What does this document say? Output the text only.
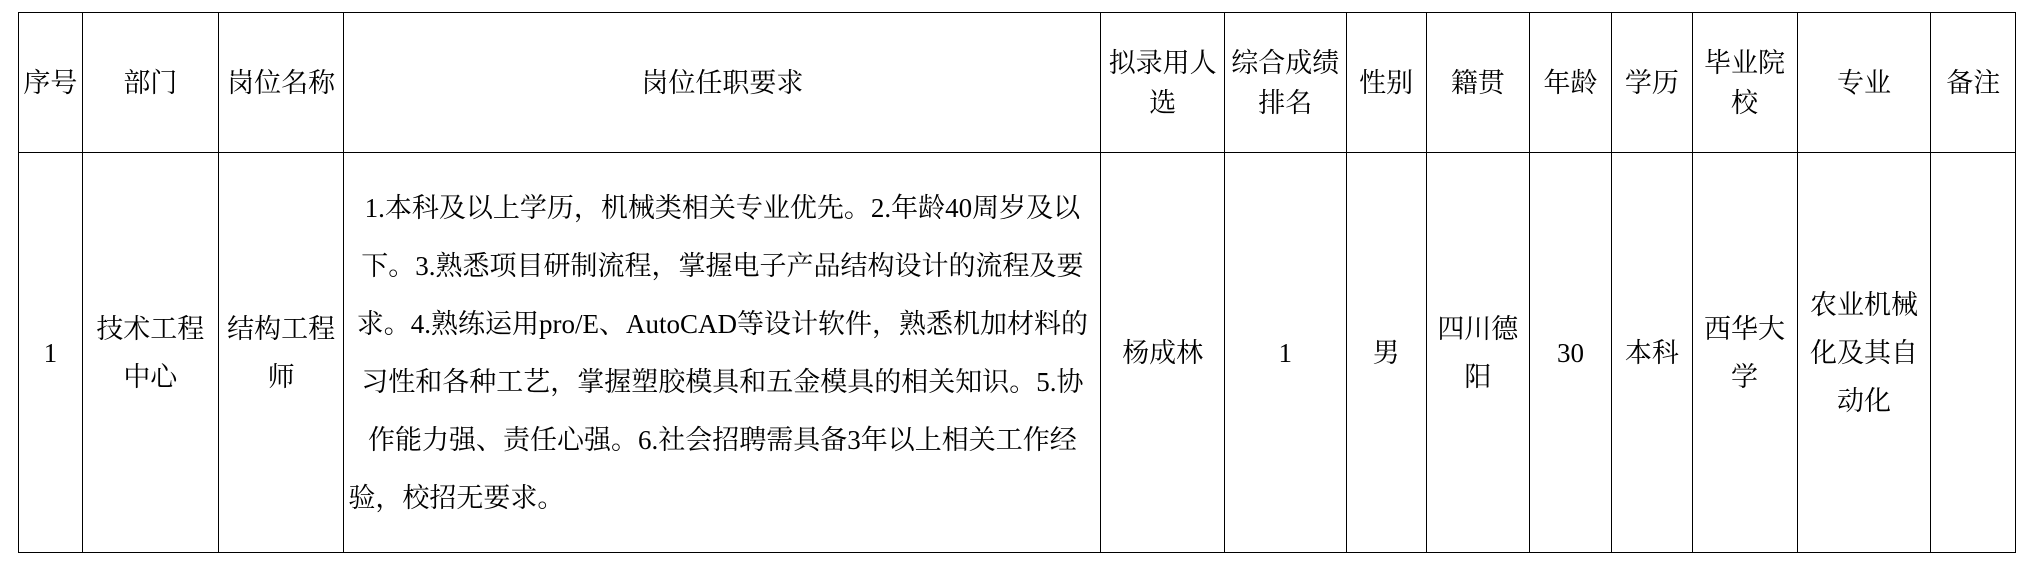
序号	部门	岗位名称	岗位任职要求	拟录用人选	综合成绩排名	性别	籍贯	年龄	学历	毕业院校	专业	备注

1	技术工程中心	结构工程师	1.本科及以上学历，机械类相关专业优先。2.年龄40周岁及以下。3.熟悉项目研制流程，掌握电子产品结构设计的流程及要求。4.熟练运用pro/E、AutoCAD等设计软件，熟悉机加材料的习性和各种工艺，掌握塑胶模具和五金模具的相关知识。5.协作能力强、责任心强。6.社会招聘需具备3年以上相关工作经验，校招无要求。	杨成林	1	男	四川德阳	30	本科	西华大学	农业机械化及其自动化	
